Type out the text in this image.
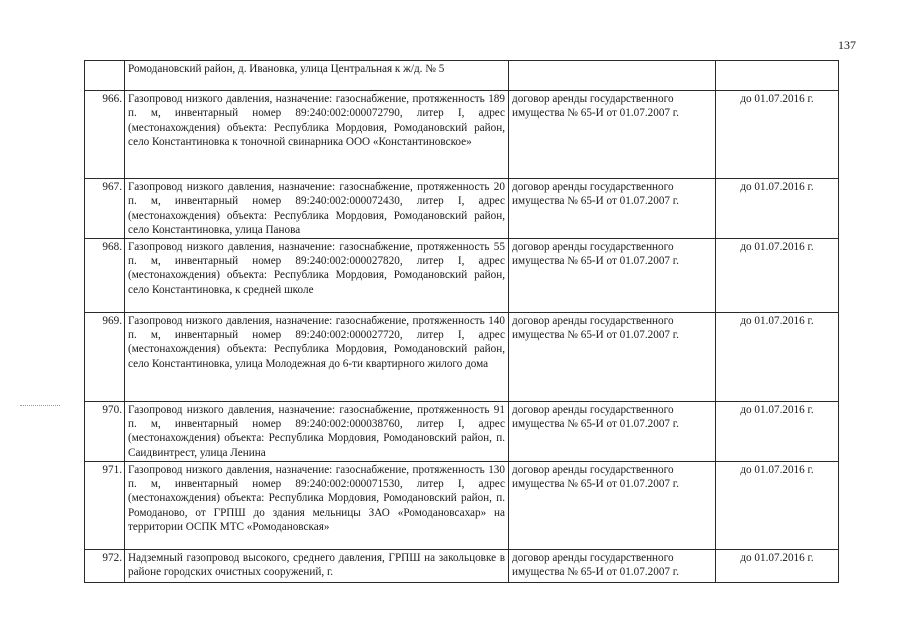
137
	Ромодановский район, д. Ивановка, улица Центральная к ж/д. № 5		
966.	Газопровод низкого давления, назначение: газоснабжение, протяженность 189 п. м, инвентарный номер 89:240:002:000072790, литер I, адрес (местонахождения) объекта: Республика Мордовия, Ромодановский район, село Константиновка к тоночной свинарника ООО «Константиновское»	договор аренды государственного имущества № 65-И от 01.07.2007 г.	до 01.07.2016 г.
967.	Газопровод низкого давления, назначение: газоснабжение, протяженность 20 п. м, инвентарный номер 89:240:002:000072430, литер I, адрес (местонахождения) объекта: Республика Мордовия, Ромодановский район, село Константиновка, улица Панова	договор аренды государственного имущества № 65-И от 01.07.2007 г.	до 01.07.2016 г.
968.	Газопровод низкого давления, назначение: газоснабжение, протяженность 55 п. м, инвентарный номер 89:240:002:000027820, литер I, адрес (местонахождения) объекта: Республика Мордовия, Ромодановский район, село Константиновка, к средней школе	договор аренды государственного имущества № 65-И от 01.07.2007 г.	до 01.07.2016 г.
969.	Газопровод низкого давления, назначение: газоснабжение, протяженность 140 п. м, инвентарный номер 89:240:002:000027720, литер I, адрес (местонахождения) объекта: Республика Мордовия, Ромодановский район, село Константиновка, улица Молодежная до 6-ти квартирного жилого дома	договор аренды государственного имущества № 65-И от 01.07.2007 г.	до 01.07.2016 г.
970.	Газопровод низкого давления, назначение: газоснабжение, протяженность 91 п. м, инвентарный номер 89:240:002:000038760, литер I, адрес (местонахождения) объекта: Республика Мордовия, Ромодановский район, п. Саидвинтрест, улица Ленина	договор аренды государственного имущества № 65-И от 01.07.2007 г.	до 01.07.2016 г.
971.	Газопровод низкого давления, назначение: газоснабжение, протяженность 130 п. м, инвентарный номер 89:240:002:000071530, литер I, адрес (местонахождения) объекта: Республика Мордовия, Ромодановский район, п. Ромоданово, от ГРПШ до здания мельницы ЗАО «Ромодановсахар» на территории ОСПК МТС «Ромодановская»	договор аренды государственного имущества № 65-И от 01.07.2007 г.	до 01.07.2016 г.
972.	Надземный газопровод высокого, среднего давления, ГРПШ на закольцовке в районе городских очистных сооружений, г.	договор аренды государственного имущества № 65-И от 01.07.2007 г.	до 01.07.2016 г.
